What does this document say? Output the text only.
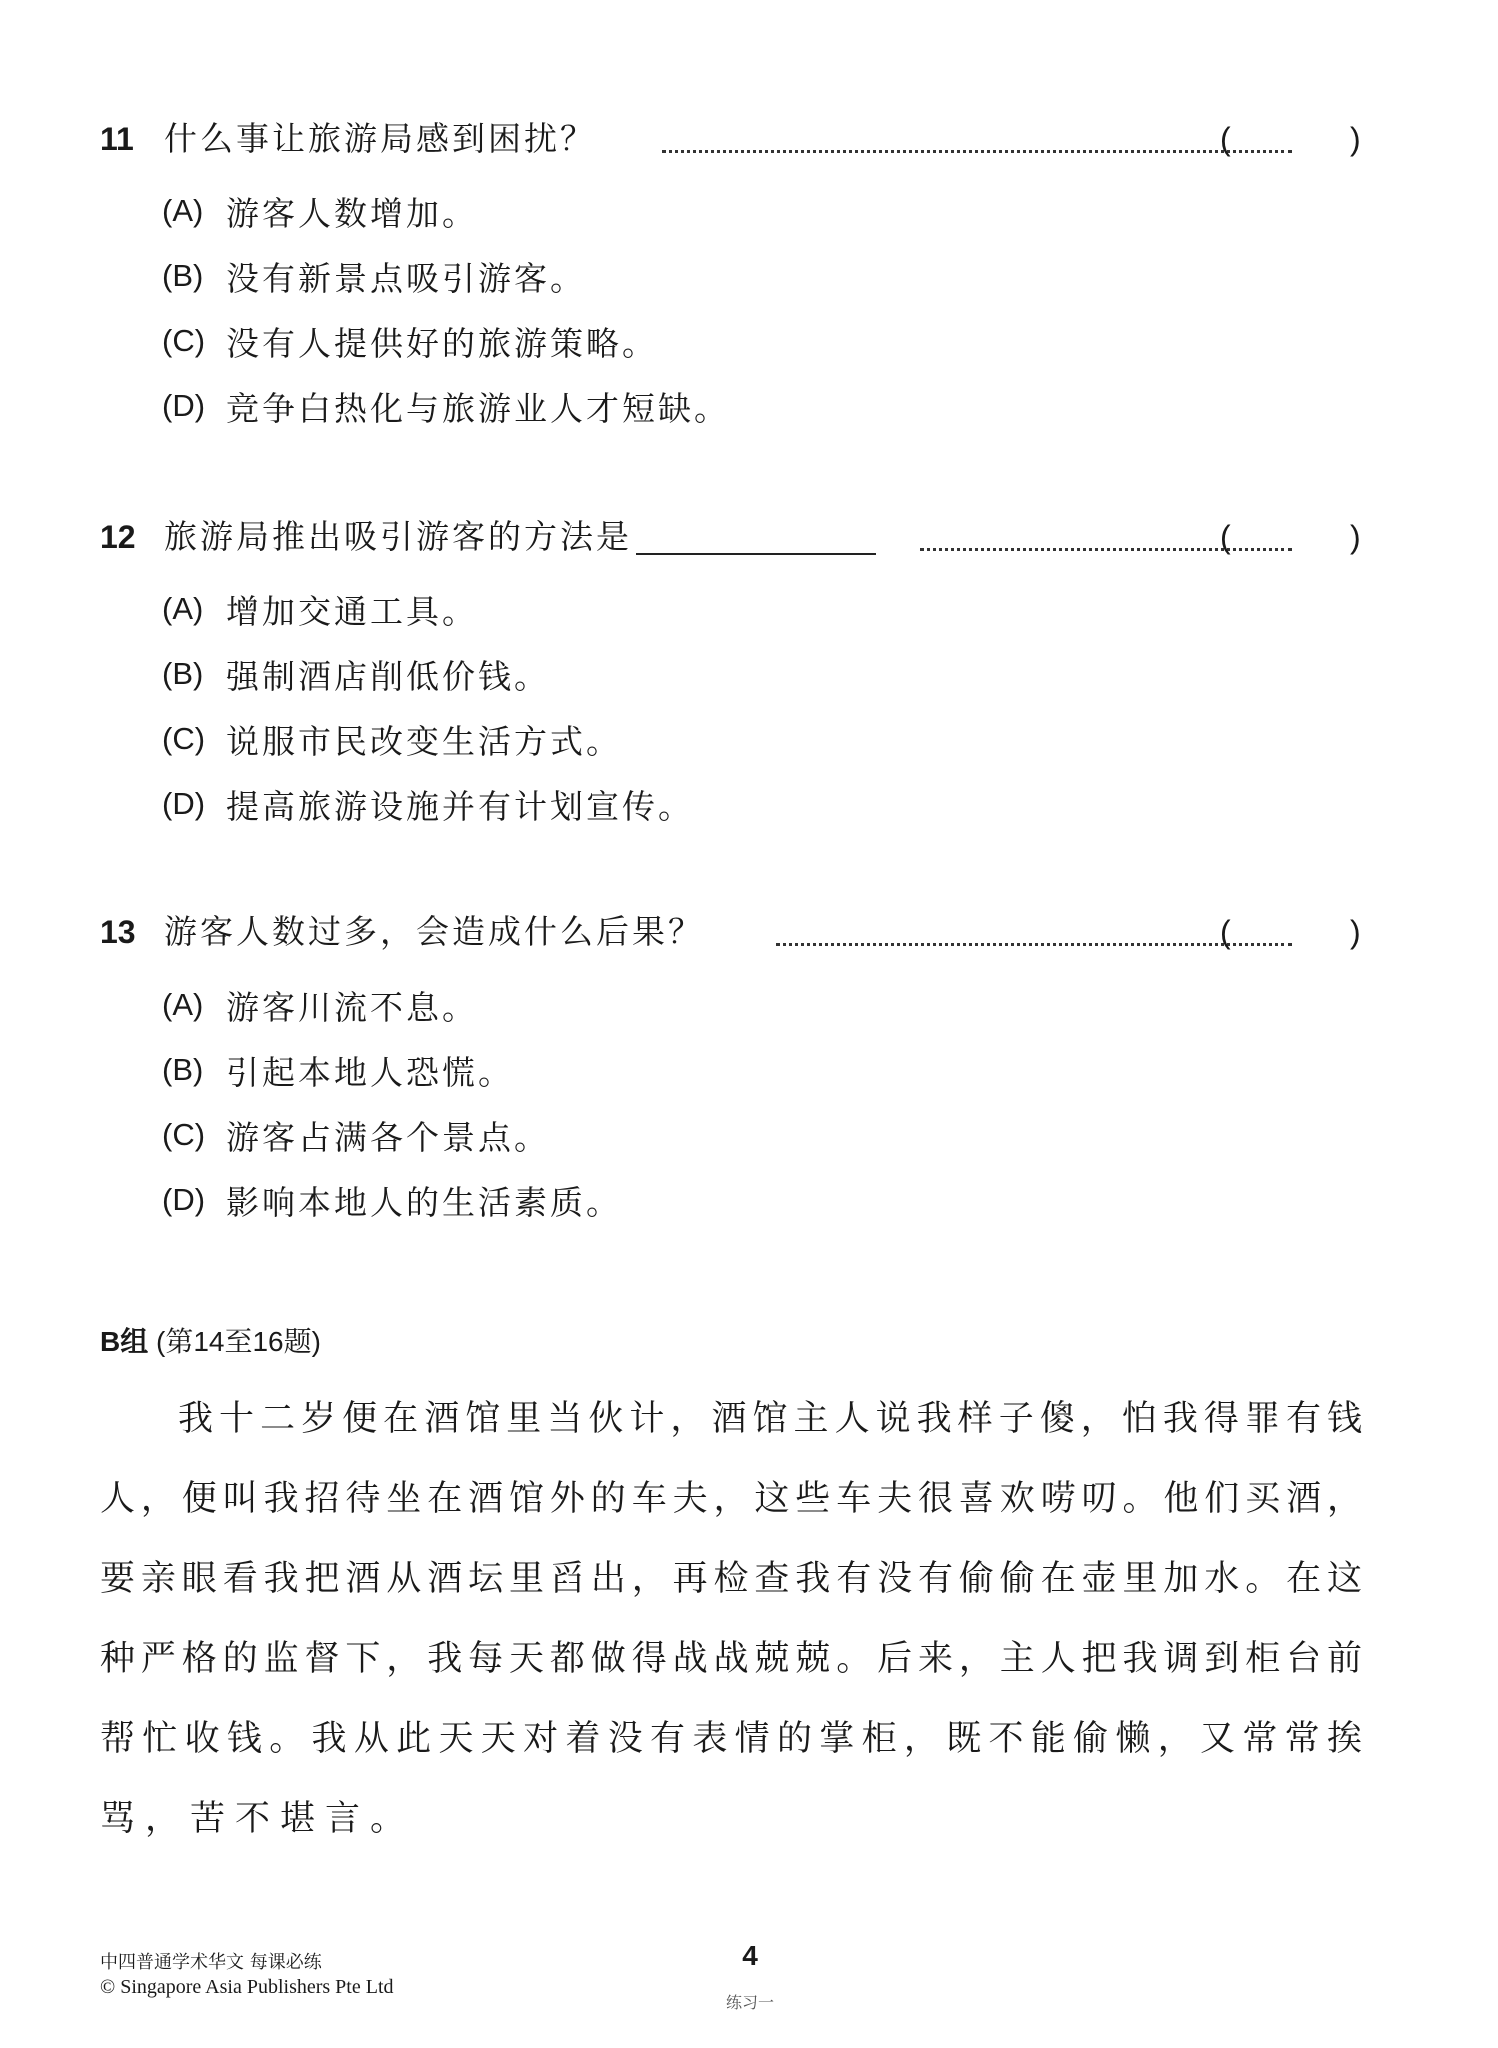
11 什么事让旅游局感到困扰？	(	)
(A) 游客人数增加。
(B) 没有新景点吸引游客。
(C) 没有人提供好的旅游策略。
(D) 竞争白热化与旅游业人才短缺。
12 旅游局推出吸引游客的方法是	(	)
(A) 增加交通工具。
(B) 强制酒店削低价钱。
(C) 说服市民改变生活方式。
(D) 提高旅游设施并有计划宣传。
13 游客人数过多，会造成什么后果？	(	)
(A) 游客川流不息。
(B) 引起本地人恐慌。
(C) 游客占满各个景点。
(D) 影响本地人的生活素质。
B组 (第14至16题)
我十二岁便在酒馆里当伙计，酒馆主人说我样子傻，怕我得罪有钱
人，便叫我招待坐在酒馆外的车夫，这些车夫很喜欢唠叨。他们买酒，
要亲眼看我把酒从酒坛里舀出，再检查我有没有偷偷在壶里加水。在这
种严格的监督下，我每天都做得战战兢兢。后来，主人把我调到柜台前
帮忙收钱。我从此天天对着没有表情的掌柜，既不能偷懒，又常常挨
骂，苦不堪言。
中四普通学术华文 每课必练
© Singapore Asia Publishers Pte Ltd
4
练习一
